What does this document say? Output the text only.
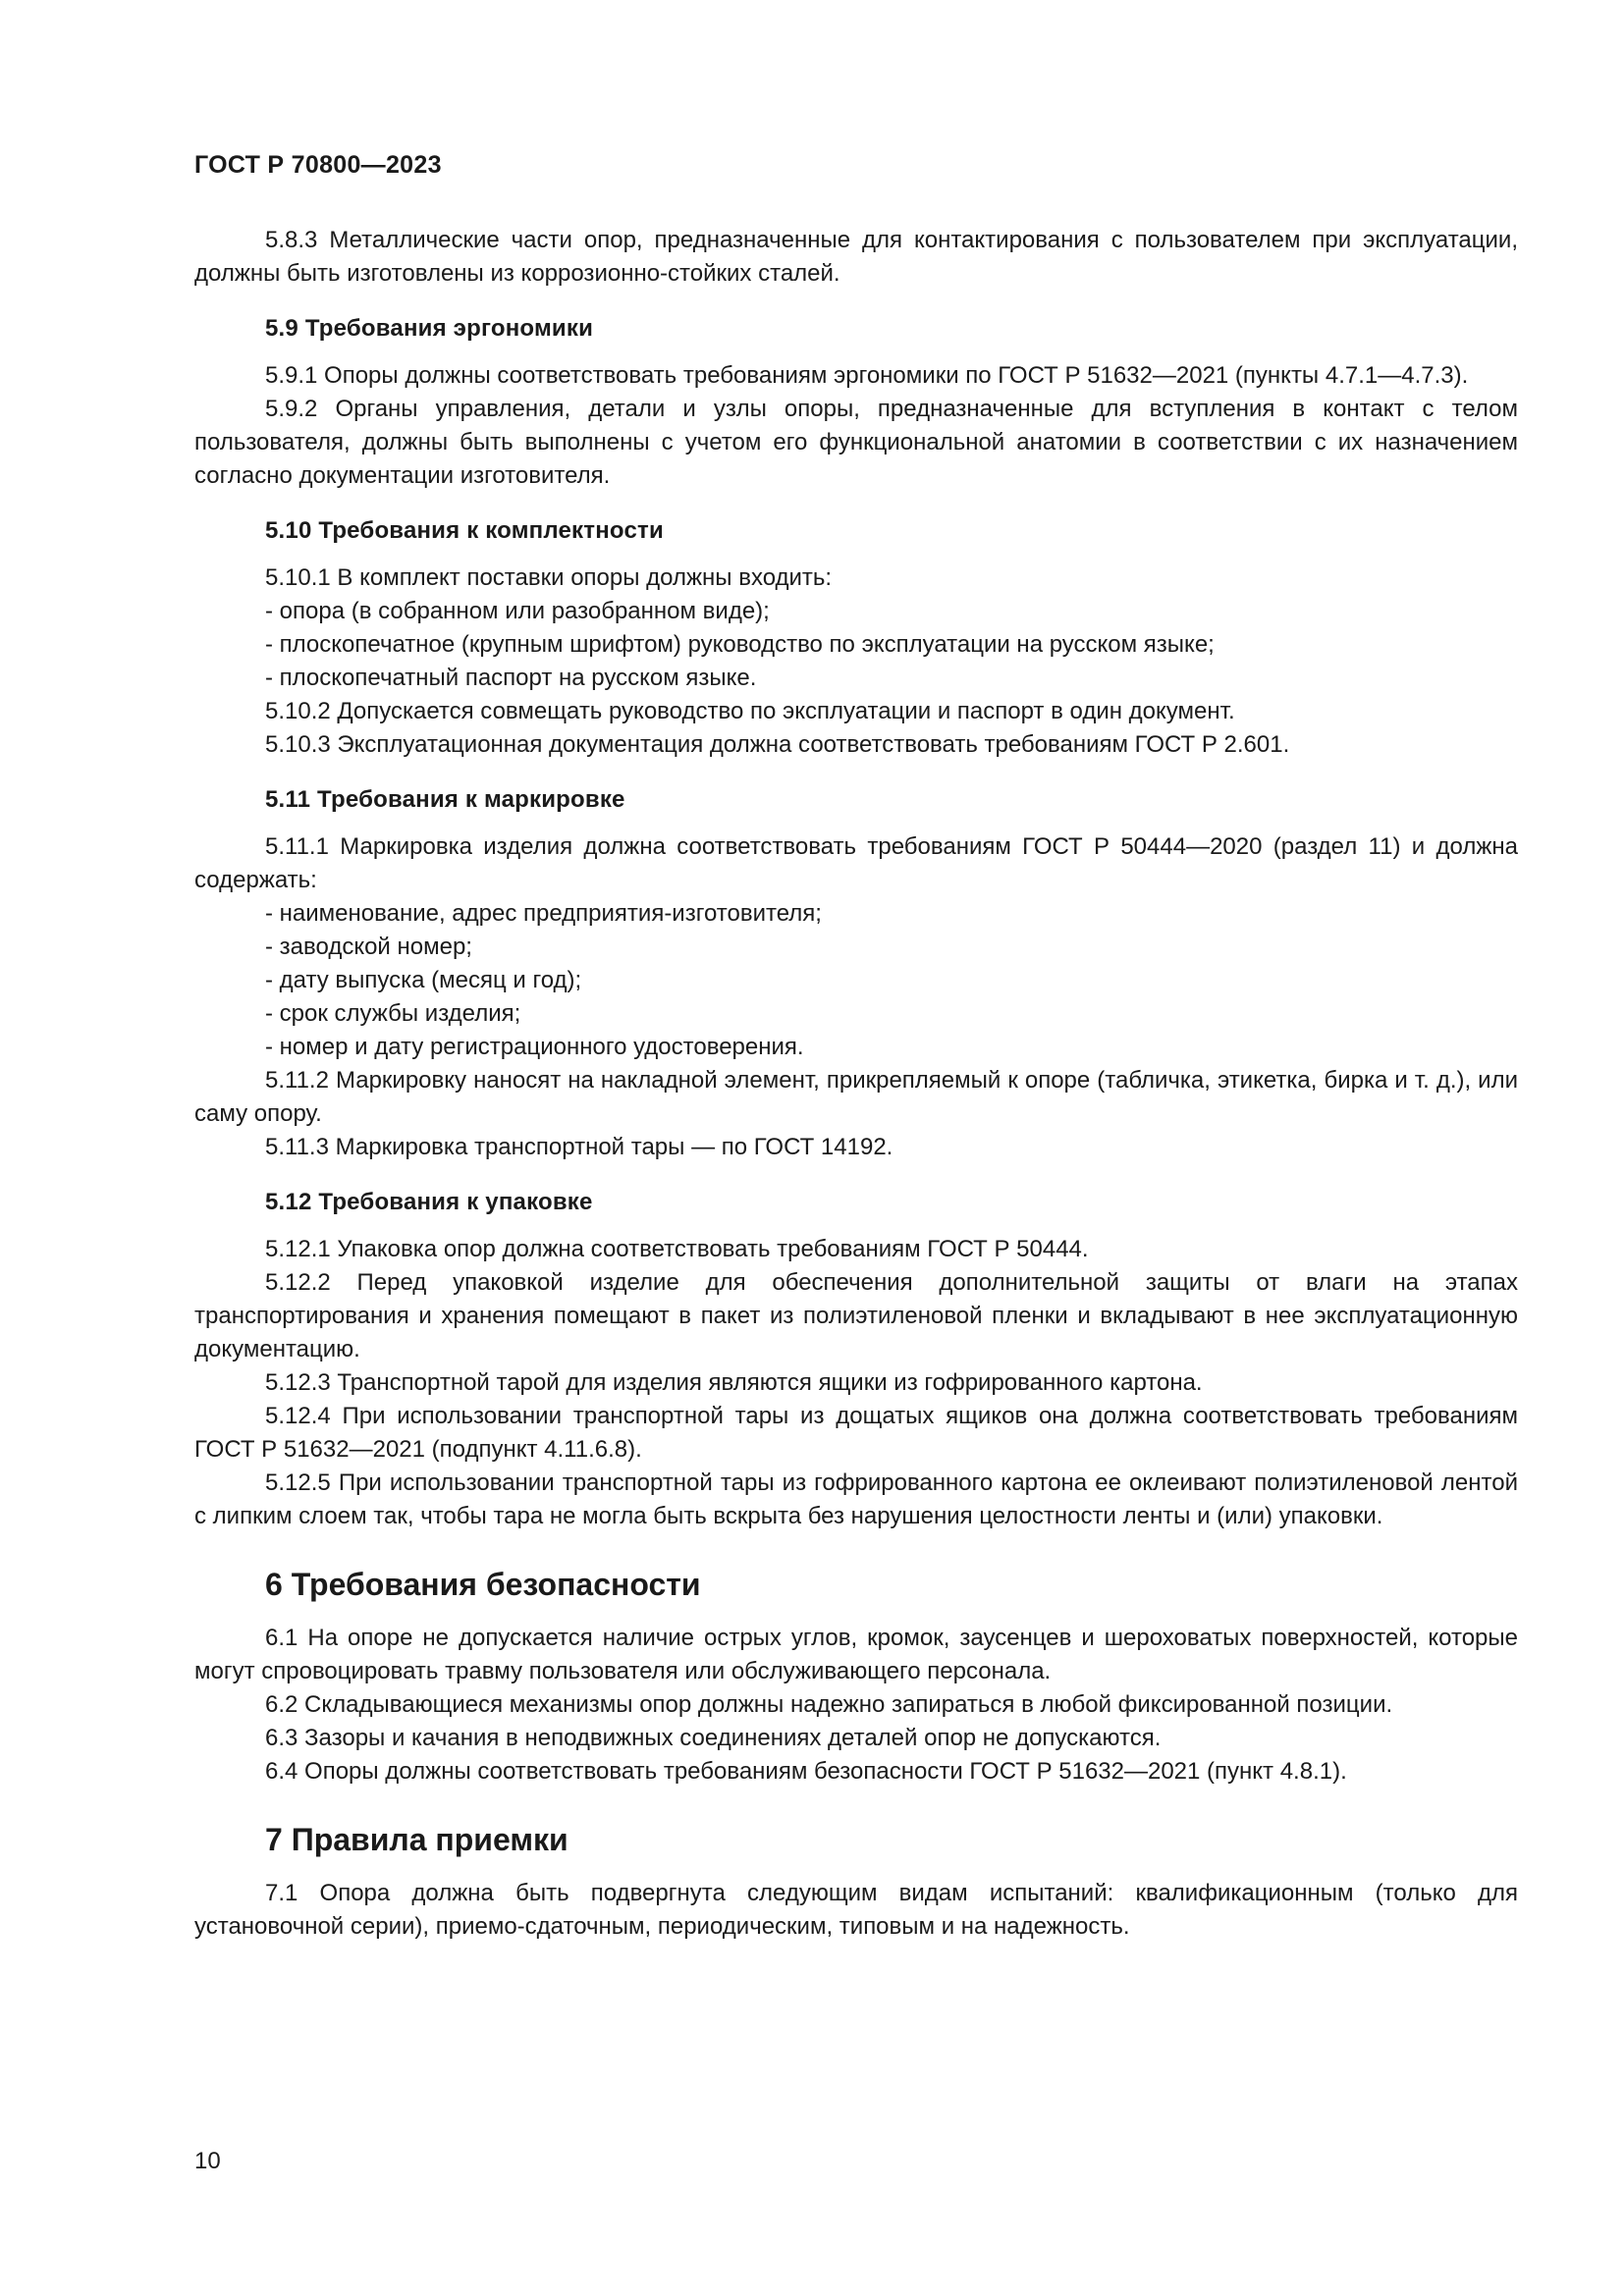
ГОСТ Р 70800—2023

5.8.3 Металлические части опор, предназначенные для контактирования с пользователем при эксплуатации, должны быть изготовлены из коррозионно-стойких сталей.

5.9 Требования эргономики

5.9.1 Опоры должны соответствовать требованиям эргономики по ГОСТ Р 51632—2021 (пункты 4.7.1—4.7.3).

5.9.2 Органы управления, детали и узлы опоры, предназначенные для вступления в контакт с телом пользователя, должны быть выполнены с учетом его функциональной анатомии в соответствии с их назначением согласно документации изготовителя.

5.10 Требования к комплектности

5.10.1 В комплект поставки опоры должны входить:

- опора (в собранном или разобранном виде);

- плоскопечатное (крупным шрифтом) руководство по эксплуатации на русском языке;

- плоскопечатный паспорт на русском языке.

5.10.2 Допускается совмещать руководство по эксплуатации и паспорт в один документ.

5.10.3 Эксплуатационная документация должна соответствовать требованиям ГОСТ Р 2.601.

5.11 Требования к маркировке

5.11.1 Маркировка изделия должна соответствовать требованиям ГОСТ Р 50444—2020 (раздел 11) и должна содержать:

- наименование, адрес предприятия-изготовителя;

- заводской номер;

- дату выпуска (месяц и год);

- срок службы изделия;

- номер и дату регистрационного удостоверения.

5.11.2 Маркировку наносят на накладной элемент, прикрепляемый к опоре (табличка, этикетка, бирка и т. д.), или саму опору.

5.11.3 Маркировка транспортной тары — по ГОСТ 14192.

5.12 Требования к упаковке

5.12.1 Упаковка опор должна соответствовать требованиям ГОСТ Р 50444.

5.12.2 Перед упаковкой изделие для обеспечения дополнительной защиты от влаги на этапах транспортирования и хранения помещают в пакет из полиэтиленовой пленки и вкладывают в нее эксплуатационную документацию.

5.12.3 Транспортной тарой для изделия являются ящики из гофрированного картона.

5.12.4 При использовании транспортной тары из дощатых ящиков она должна соответствовать требованиям ГОСТ Р 51632—2021 (подпункт 4.11.6.8).

5.12.5 При использовании транспортной тары из гофрированного картона ее оклеивают полиэтиленовой лентой с липким слоем так, чтобы тара не могла быть вскрыта без нарушения целостности ленты и (или) упаковки.

6 Требования безопасности

6.1 На опоре не допускается наличие острых углов, кромок, заусенцев и шероховатых поверхностей, которые могут спровоцировать травму пользователя или обслуживающего персонала.

6.2 Складывающиеся механизмы опор должны надежно запираться в любой фиксированной позиции.

6.3 Зазоры и качания в неподвижных соединениях деталей опор не допускаются.

6.4 Опоры должны соответствовать требованиям безопасности ГОСТ Р 51632—2021 (пункт 4.8.1).

7 Правила приемки

7.1 Опора должна быть подвергнута следующим видам испытаний: квалификационным (только для установочной серии), приемо-сдаточным, периодическим, типовым и на надежность.

10
